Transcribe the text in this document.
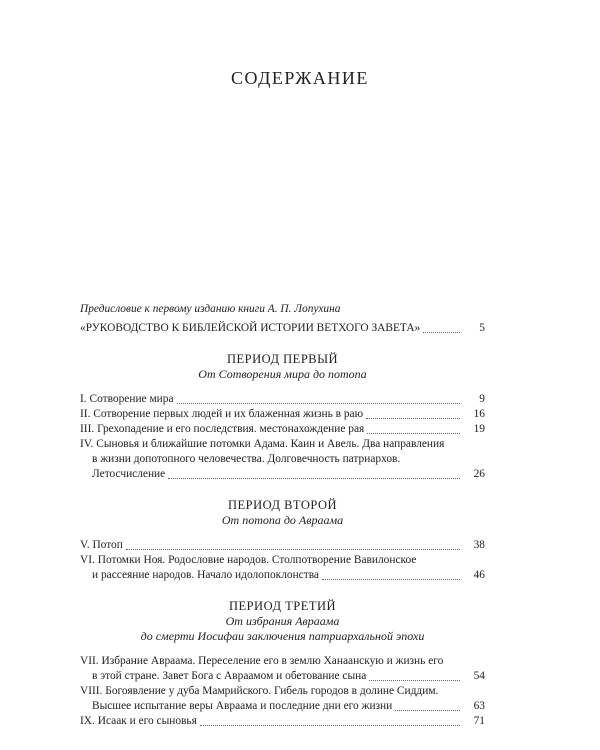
СОДЕРЖАНИЕ
Предисловие к первому изданию книги А. П. Лопухина
«РУКОВОДСТВО К БИБЛЕЙСКОЙ ИСТОРИИ ВЕТХОГО ЗАВЕТА»	5
ПЕРИОД ПЕРВЫЙ
От Сотворения мира до потопа
I. Сотворение мира	9
II. Сотворение первых людей и их блаженная жизнь в раю	16
III. Грехопадение и его последствия. местонахождение рая	19
IV. Сыновья и ближайшие потомки Адама. Каин и Авель. Два направления
в жизни допотопного человечества. Долговечность патриархов.
Летосчисление	26
ПЕРИОД ВТОРОЙ
От потопа до Авраама
V. Потоп	38
VI. Потомки Ноя. Родословие народов. Столпотворение Вавилонское
и рассеяние народов. Начало идолопоклонства	46
ПЕРИОД ТРЕТИЙ
От избрания Авраама
до смерти Иосифаи заключения патриархальной эпохи
VII. Избрание Авраама. Переселение его в землю Ханаанскую и жизнь его
в этой стране. Завет Бога с Авраамом и обетование сына	54
VIII. Богоявление у дуба Мамрийского. Гибель городов в долине Сиддим.
Высшее испытание веры Авраама и последние дни его жизни	63
IX. Исаак и его сыновья	71
